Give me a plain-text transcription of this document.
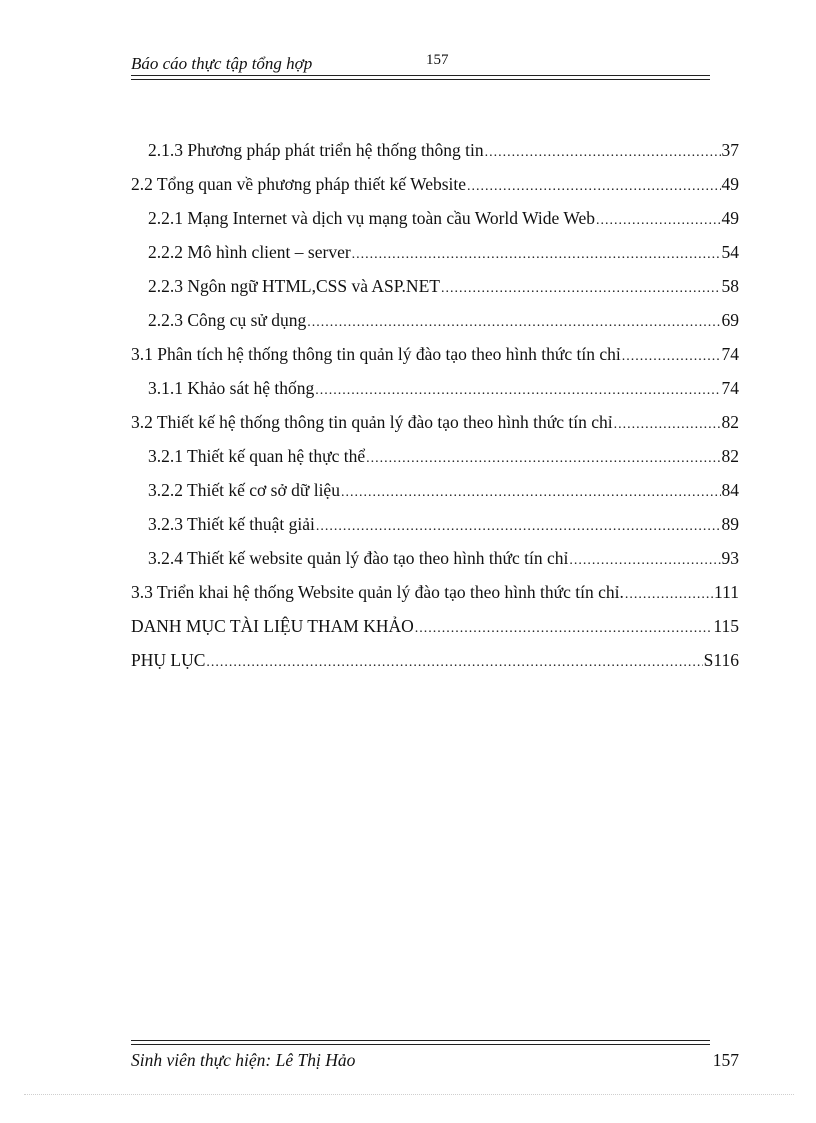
Báo cáo thực tập tổng hợp	157
2.1.3 Phương pháp phát triển hệ thống thông tin .....	37
2.2 Tổng quan về phương pháp thiết kế Website .....	49
2.2.1 Mạng Internet và dịch vụ mạng toàn cầu World Wide Web .....	49
2.2.2 Mô hình client – server .....	54
2.2.3 Ngôn ngữ HTML,CSS và ASP.NET .....	58
2.2.3 Công cụ sử dụng .....	69
3.1 Phân tích hệ thống thông tin quản lý đào tạo theo hình thức tín chỉ .....	74
3.1.1 Khảo sát hệ thống .....	74
3.2 Thiết kế hệ thống thông tin quản lý đào tạo theo hình thức tín chỉ .....	82
3.2.1 Thiết kế quan hệ thực thể .....	82
3.2.2 Thiết kế cơ sở dữ liệu .....	84
3.2.3 Thiết kế thuật giải .....	89
3.2.4 Thiết kế website quản lý đào tạo theo hình thức tín chỉ .....	93
3.3 Triển khai hệ thống Website quản lý đào tạo theo hình thức tín chỉ. .....	111
DANH MỤC TÀI LIỆU THAM KHẢO .....	115
PHỤ LỤC .....	S116
Sinh viên thực hiện: Lê Thị Hảo	157
